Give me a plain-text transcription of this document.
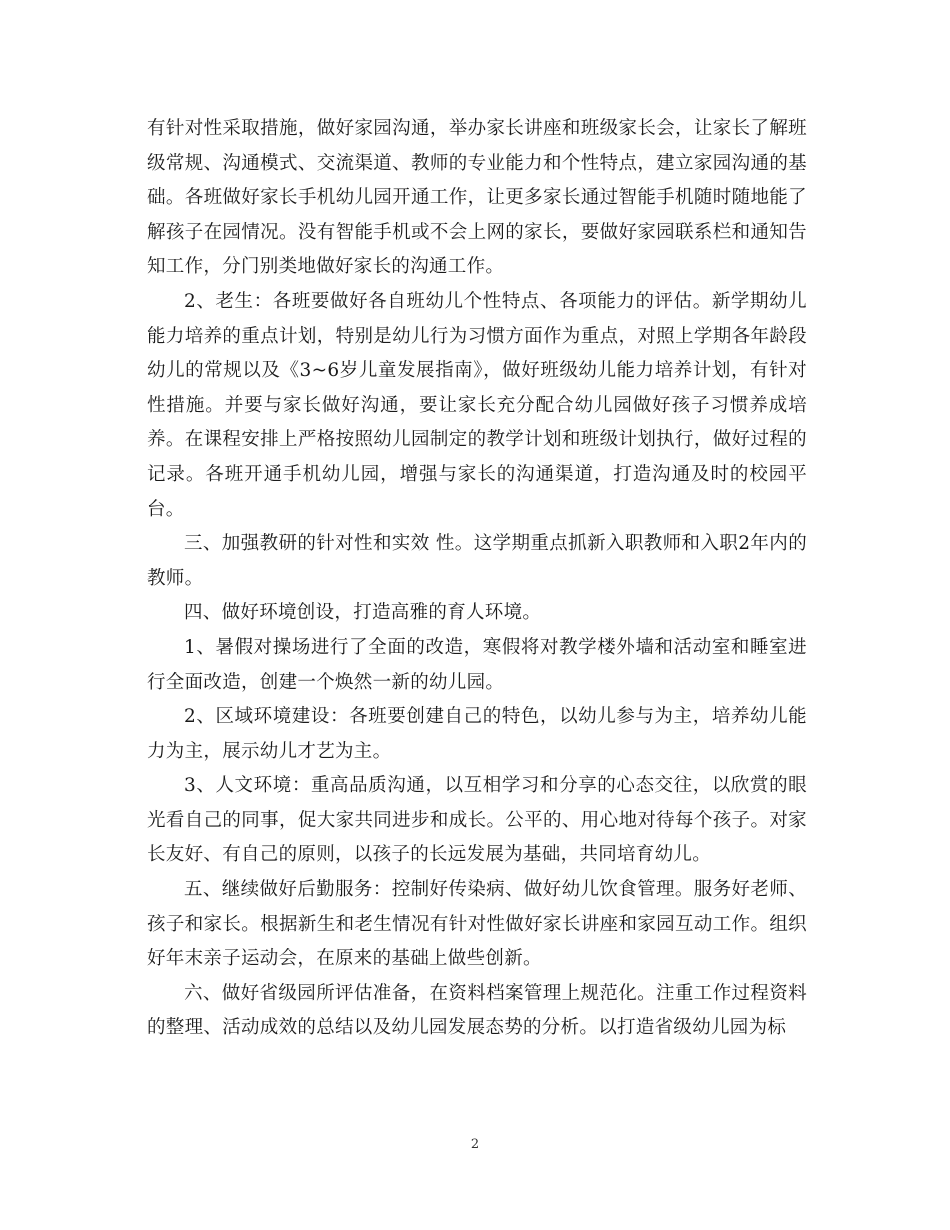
有针对性采取措施，做好家园沟通，举办家长讲座和班级家长会，让家长了解班级常规、沟通模式、交流渠道、教师的专业能力和个性特点，建立家园沟通的基础。各班做好家长手机幼儿园开通工作，让更多家长通过智能手机随时随地能了解孩子在园情况。没有智能手机或不会上网的家长，要做好家园联系栏和通知告知工作，分门别类地做好家长的沟通工作。

2、老生：各班要做好各自班幼儿个性特点、各项能力的评估。新学期幼儿能力培养的重点计划，特别是幼儿行为习惯方面作为重点，对照上学期各年龄段幼儿的常规以及《3~6岁儿童发展指南》，做好班级幼儿能力培养计划，有针对性措施。并要与家长做好沟通，要让家长充分配合幼儿园做好孩子习惯养成培养。在课程安排上严格按照幼儿园制定的教学计划和班级计划执行，做好过程的记录。各班开通手机幼儿园，增强与家长的沟通渠道，打造沟通及时的校园平台。

三、加强教研的针对性和实效 性。这学期重点抓新入职教师和入职2年内的教师。

四、做好环境创设，打造高雅的育人环境。

1、暑假对操场进行了全面的改造，寒假将对教学楼外墙和活动室和睡室进行全面改造，创建一个焕然一新的幼儿园。

2、区域环境建设：各班要创建自己的特色，以幼儿参与为主，培养幼儿能力为主，展示幼儿才艺为主。

3、人文环境：重高品质沟通，以互相学习和分享的心态交往，以欣赏的眼光看自己的同事，促大家共同进步和成长。公平的、用心地对待每个孩子。对家长友好、有自己的原则，以孩子的长远发展为基础，共同培育幼儿。

五、继续做好后勤服务：控制好传染病、做好幼儿饮食管理。服务好老师、孩子和家长。根据新生和老生情况有针对性做好家长讲座和家园互动工作。组织好年末亲子运动会，在原来的基础上做些创新。

六、做好省级园所评估准备，在资料档案管理上规范化。注重工作过程资料的整理、活动成效的总结以及幼儿园发展态势的分析。以打造省级幼儿园为标

2
